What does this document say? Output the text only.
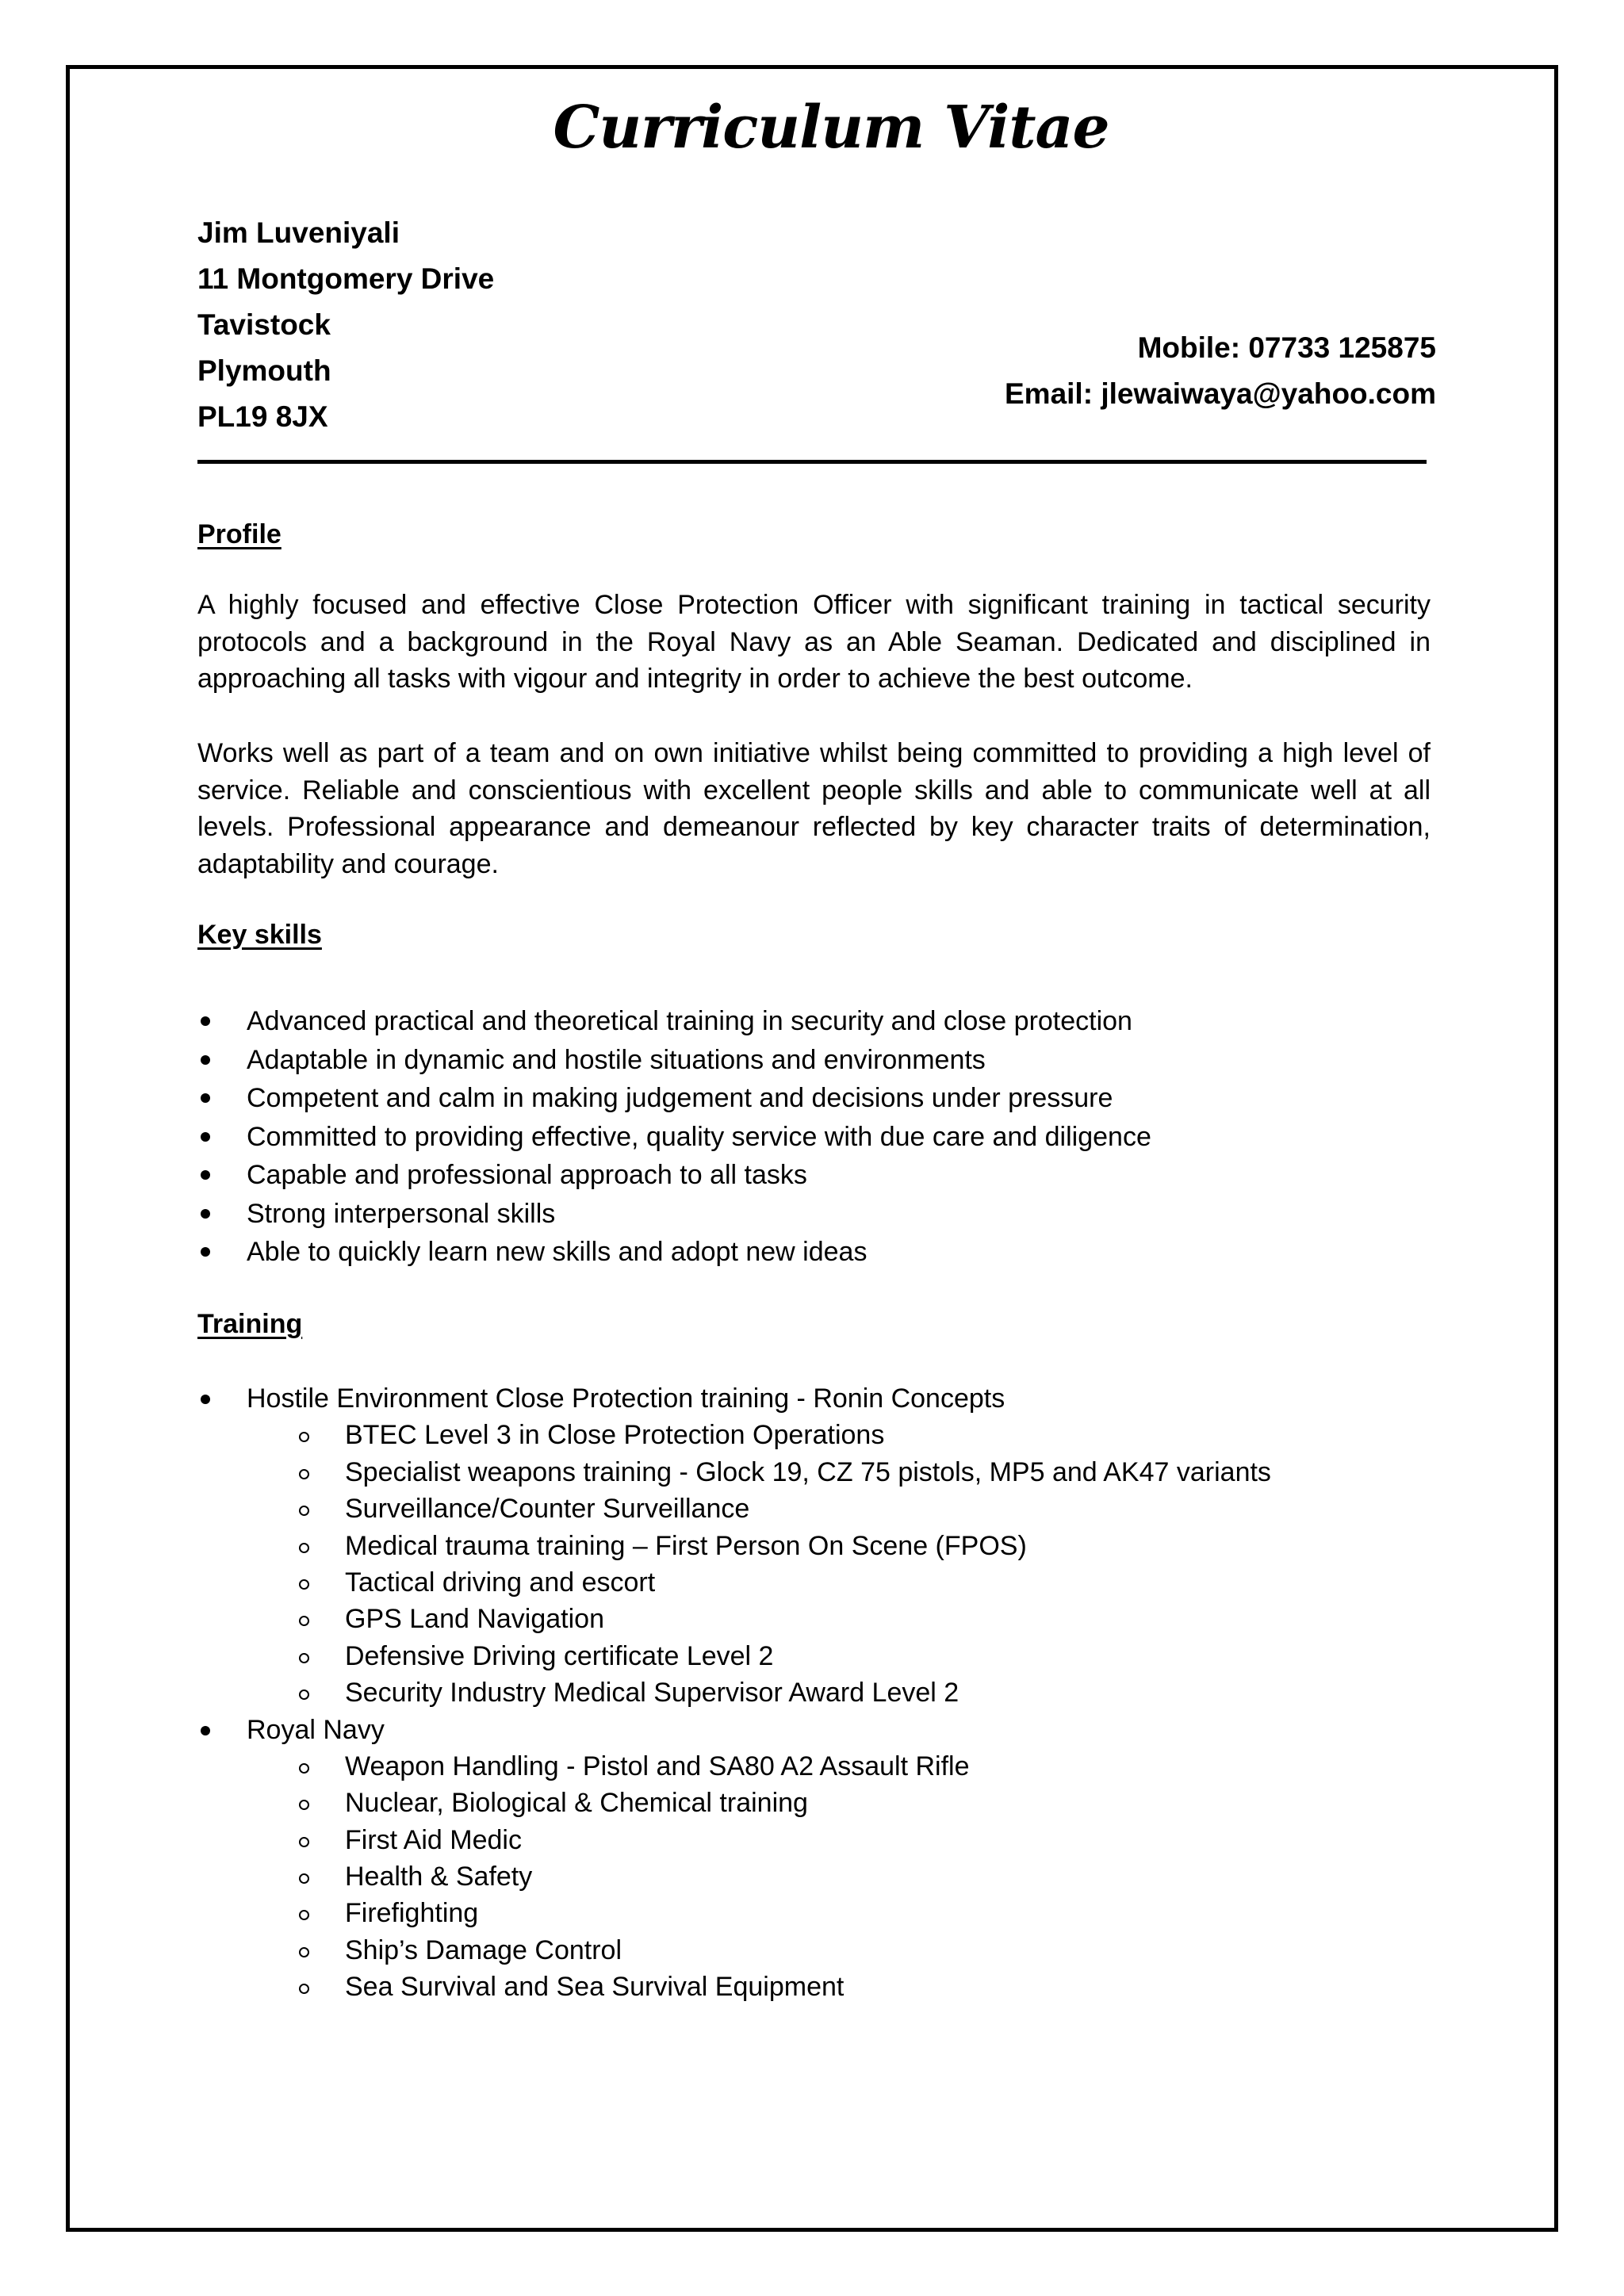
Curriculum Vitae
Jim Luveniyali
11 Montgomery Drive
Tavistock
Plymouth
PL19 8JX
Mobile: 07733 125875
Email: jlewaiwaya@yahoo.com
Profile
A highly focused and effective Close Protection Officer with significant training in tactical security protocols and a background in the Royal Navy as an Able Seaman. Dedicated and disciplined in approaching all tasks with vigour and integrity in order to achieve the best outcome.
Works well as part of a team and on own initiative whilst being committed to providing a high level of service. Reliable and conscientious with excellent people skills and able to communicate well at all levels. Professional appearance and demeanour reflected by key character traits of determination, adaptability and courage.
Key skills
Advanced practical and theoretical training in security and close protection
Adaptable in dynamic and hostile situations and environments
Competent and calm in making judgement and decisions under pressure
Committed to providing effective, quality service with due care and diligence
Capable and professional approach to all tasks
Strong interpersonal skills
Able to quickly learn new skills and adopt new ideas
Training
Hostile Environment Close Protection training - Ronin Concepts
BTEC Level 3 in Close Protection Operations
Specialist weapons training - Glock 19, CZ 75 pistols, MP5 and AK47 variants
Surveillance/Counter Surveillance
Medical trauma training – First Person On Scene (FPOS)
Tactical driving and escort
GPS Land Navigation
Defensive Driving certificate Level 2
Security Industry Medical Supervisor Award Level 2
Royal Navy
Weapon Handling - Pistol and SA80 A2 Assault Rifle
Nuclear, Biological & Chemical training
First Aid Medic
Health & Safety
Firefighting
Ship’s Damage Control
Sea Survival and Sea Survival Equipment
